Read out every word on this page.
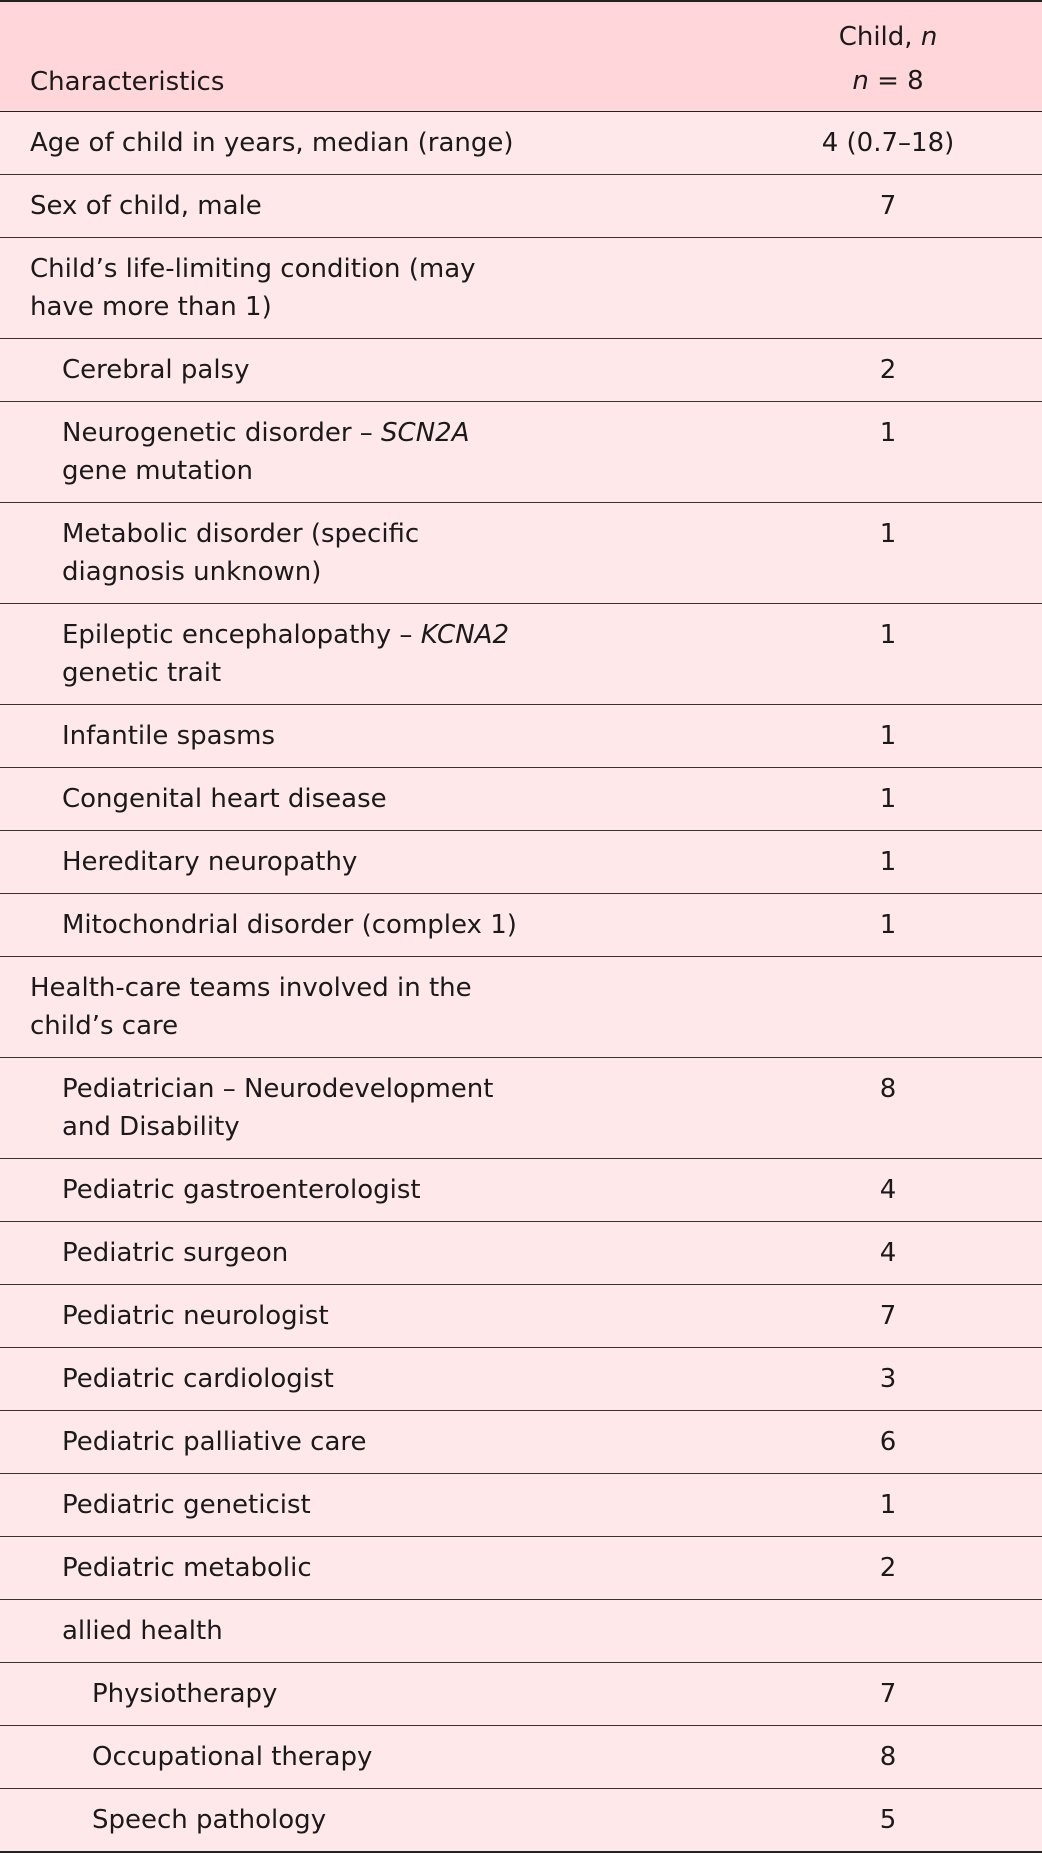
Characteristics	Child, n
n = 8

Age of child in years, median (range)	4 (0.7–18)
Sex of child, male	7
Child’s life-limiting condition (may have more than 1)	
Cerebral palsy	2
Neurogenetic disorder – SCN2A gene mutation	1
Metabolic disorder (specific diagnosis unknown)	1
Epileptic encephalopathy – KCNA2 genetic trait	1
Infantile spasms	1
Congenital heart disease	1
Hereditary neuropathy	1
Mitochondrial disorder (complex 1)	1
Health-care teams involved in the child’s care	
Pediatrician – Neurodevelopment and Disability	8
Pediatric gastroenterologist	4
Pediatric surgeon	4
Pediatric neurologist	7
Pediatric cardiologist	3
Pediatric palliative care	6
Pediatric geneticist	1
Pediatric metabolic	2
allied health	
Physiotherapy	7
Occupational therapy	8
Speech pathology	5
